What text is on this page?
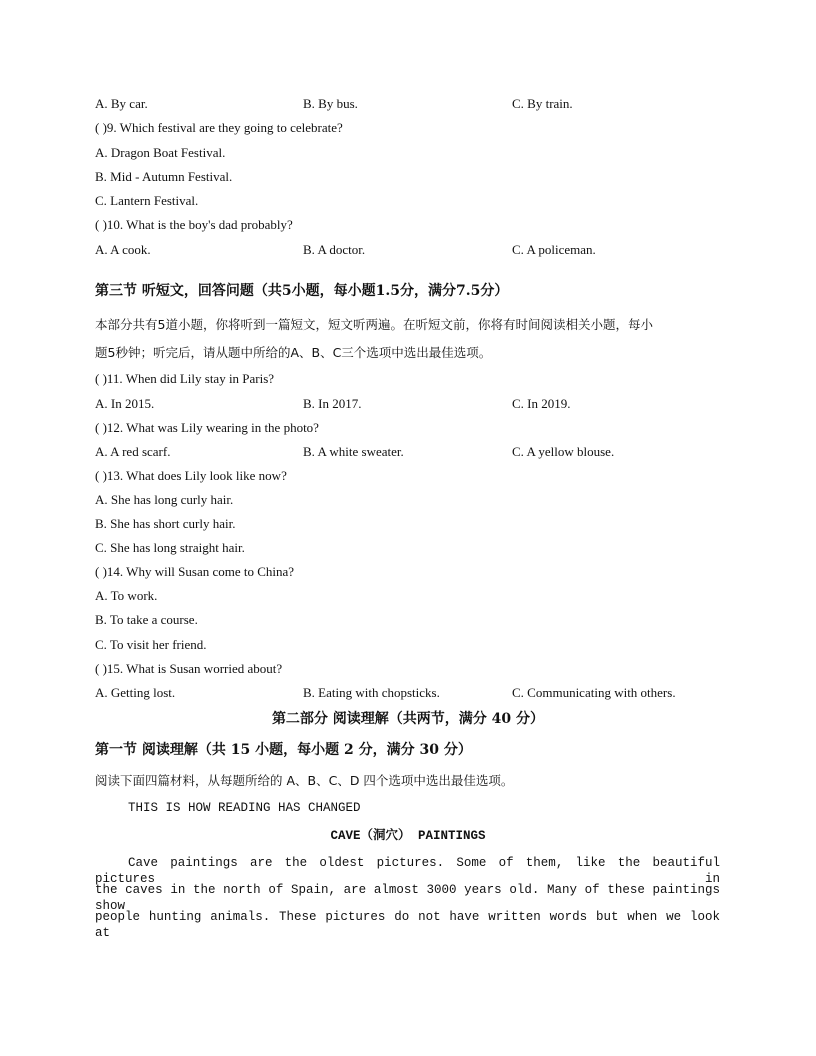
A. By car.	B. By bus.	C. By train.
( )9. Which festival are they going to celebrate?
A. Dragon Boat Festival.
B. Mid - Autumn Festival.
C. Lantern Festival.
( )10. What is the boy's dad probably?
A. A cook.	B. A doctor.	C. A policeman.
第三节 听短文，回答问题（共5小题，每小题1.5分，满分7.5分）
本部分共有5道小题，你将听到一篇短文，短文听两遍。在听短文前，你将有时间阅读相关小题，每小
题5秒钟；听完后，请从题中所给的A、B、C三个选项中选出最佳选项。
( )11. When did Lily stay in Paris?
A. In 2015.	B. In 2017.	C. In 2019.
( )12. What was Lily wearing in the photo?
A. A red scarf.	B. A white sweater.	C. A yellow blouse.
( )13. What does Lily look like now?
A. She has long curly hair.
B. She has short curly hair.
C. She has long straight hair.
( )14. Why will Susan come to China?
A. To work.
B. To take a course.
C. To visit her friend.
( )15. What is Susan worried about?
A. Getting lost.	B. Eating with chopsticks.	C. Communicating with others.
第二部分 阅读理解（共两节，满分 40 分）
第一节 阅读理解（共 15 小题，每小题 2 分，满分 30 分）
阅读下面四篇材料，从每题所给的 A、B、C、D 四个选项中选出最佳选项。
THIS IS HOW READING HAS CHANGED
CAVE（洞穴） PAINTINGS
Cave paintings are the oldest pictures. Some of them, like the beautiful pictures in
the caves in the north of Spain, are almost 3000 years old. Many of these paintings show
people hunting animals. These pictures do not have written words but when we look at
